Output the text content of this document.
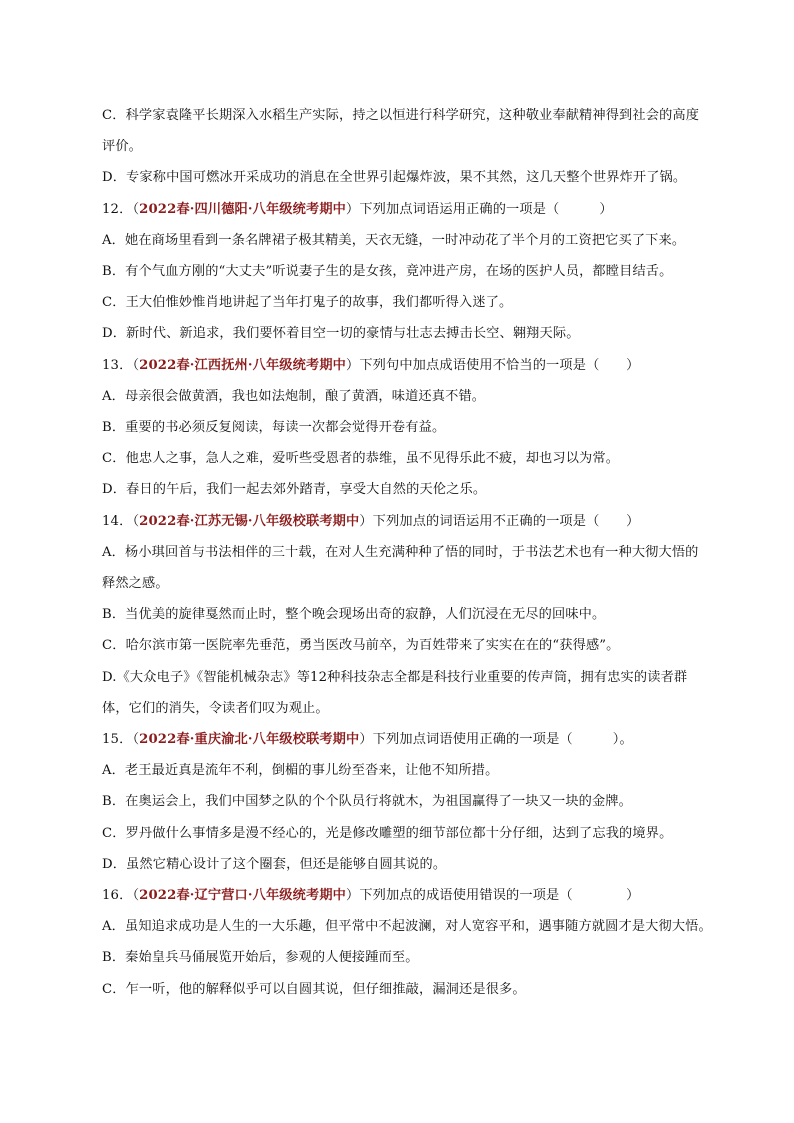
C．科学家袁隆平长期深入水稻生产实际，持之以恒进行科学研究，这种敬业奉献精神得到社会的高度
评价。
D．专家称中国可燃冰开采成功的消息在全世界引起爆炸波，果不其然，这几天整个世界炸开了锅。
12．（2022春·四川德阳·八年级统考期中）下列加点词语运用正确的一项是（　　　）
A．她在商场里看到一条名牌裙子极其精美，天衣无缝，一时冲动花了半个月的工资把它买了下来。
B．有个气血方刚的“大丈夫”听说妻子生的是女孩，竟冲进产房，在场的医护人员，都瞠目结舌。
C．王大伯惟妙惟肖地讲起了当年打鬼子的故事，我们都听得入迷了。
D．新时代、新追求，我们要怀着目空一切的豪情与壮志去搏击长空、翱翔天际。
13．（2022春·江西抚州·八年级统考期中）下列句中加点成语使用不恰当的一项是（　　）
A．母亲很会做黄酒，我也如法炮制，酿了黄酒，味道还真不错。
B．重要的书必须反复阅读，每读一次都会觉得开卷有益。
C．他忠人之事，急人之难，爱听些受恩者的恭维，虽不见得乐此不疲，却也习以为常。
D．春日的午后，我们一起去郊外踏青，享受大自然的天伦之乐。
14．（2022春·江苏无锡·八年级校联考期中）下列加点的词语运用不正确的一项是（　　）
A．杨小琪回首与书法相伴的三十载，在对人生充满种种了悟的同时，于书法艺术也有一种大彻大悟的
释然之感。
B．当优美的旋律戛然而止时，整个晚会现场出奇的寂静，人们沉浸在无尽的回味中。
C．哈尔滨市第一医院率先垂范，勇当医改马前卒，为百姓带来了实实在在的“获得感”。
D.《大众电子》《智能机械杂志》等12种科技杂志全都是科技行业重要的传声筒，拥有忠实的读者群
体，它们的消失，令读者们叹为观止。
15．（2022春·重庆渝北·八年级校联考期中）下列加点词语使用正确的一项是（　　　）。
A．老王最近真是流年不利，倒楣的事儿纷至沓来，让他不知所措。
B．在奥运会上，我们中国梦之队的个个队员行将就木，为祖国赢得了一块又一块的金牌。
C．罗丹做什么事情多是漫不经心的，光是修改雕塑的细节部位都十分仔细，达到了忘我的境界。
D．虽然它精心设计了这个圈套，但还是能够自圆其说的。
16．（2022春·辽宁营口·八年级统考期中）下列加点的成语使用错误的一项是（　　　　）
A．虽知追求成功是人生的一大乐趣，但平常中不起波澜，对人宽容平和，遇事随方就圆才是大彻大悟。
B．秦始皇兵马俑展览开始后，参观的人便接踵而至。
C．乍一听，他的解释似乎可以自圆其说，但仔细推敲，漏洞还是很多。
